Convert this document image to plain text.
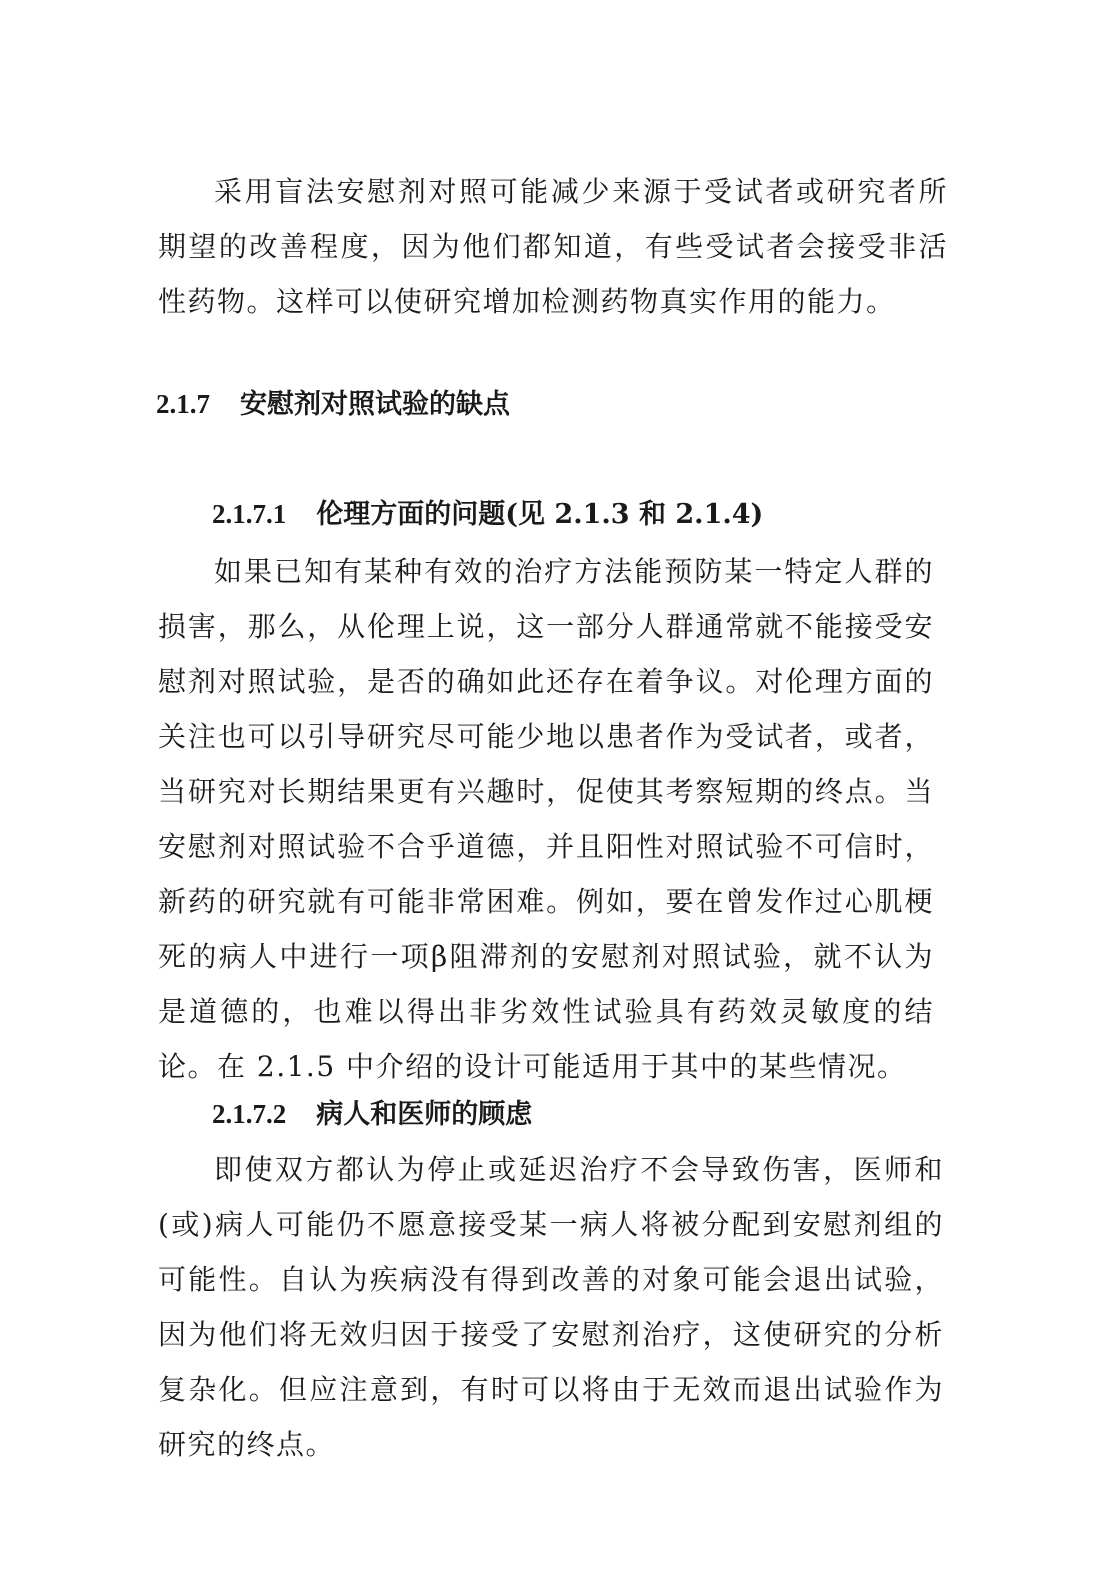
采用盲法安慰剂对照可能减少来源于受试者或研究者所期望的改善程度，因为他们都知道，有些受试者会接受非活性药物。这样可以使研究增加检测药物真实作用的能力。

2.1.7 安慰剂对照试验的缺点
2.1.7.1 伦理方面的问题(见 2.1.3 和 2.1.4)

如果已知有某种有效的治疗方法能预防某一特定人群的损害，那么，从伦理上说，这一部分人群通常就不能接受安慰剂对照试验，是否的确如此还存在着争议。对伦理方面的关注也可以引导研究尽可能少地以患者作为受试者，或者，当研究对长期结果更有兴趣时，促使其考察短期的终点。当安慰剂对照试验不合乎道德，并且阳性对照试验不可信时，新药的研究就有可能非常困难。例如，要在曾发作过心肌梗死的病人中进行一项β阻滞剂的安慰剂对照试验，就不认为是道德的，也难以得出非劣效性试验具有药效灵敏度的结论。在 2.1.5 中介绍的设计可能适用于其中的某些情况。

2.1.7.2 病人和医师的顾虑

即使双方都认为停止或延迟治疗不会导致伤害，医师和(或)病人可能仍不愿意接受某一病人将被分配到安慰剂组的可能性。自认为疾病没有得到改善的对象可能会退出试验，因为他们将无效归因于接受了安慰剂治疗，这使研究的分析复杂化。但应注意到，有时可以将由于无效而退出试验作为研究的终点。
